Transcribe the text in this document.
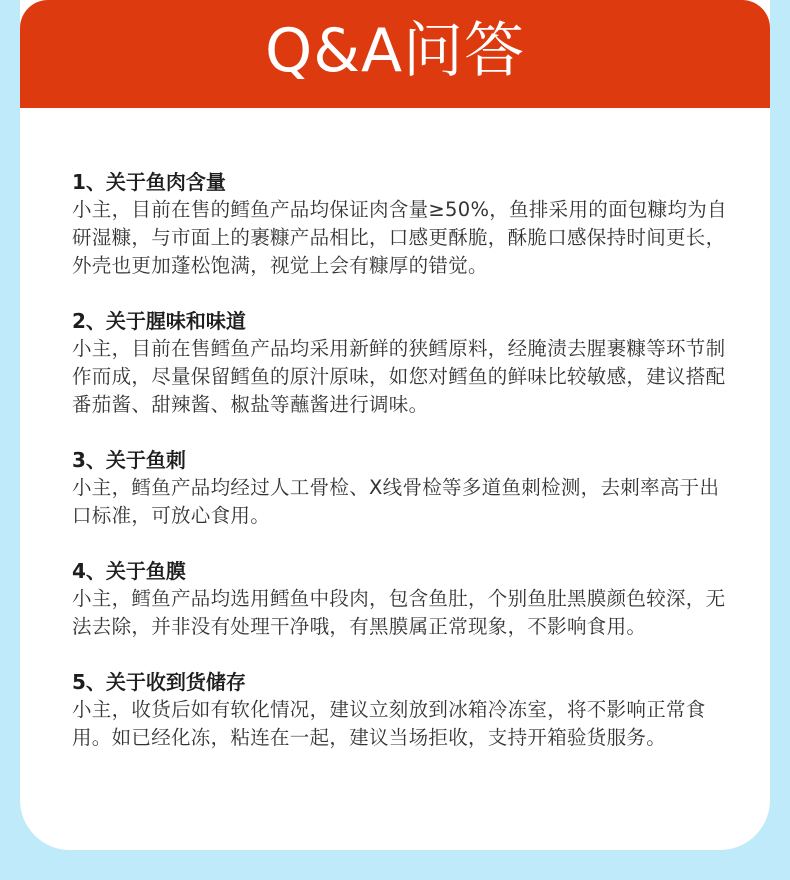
Q&A问答

1、关于鱼肉含量

小主，目前在售的鳕鱼产品均保证肉含量≥50%，鱼排采用的面包糠均为自研湿糠，与市面上的裹糠产品相比，口感更酥脆，酥脆口感保持时间更长，外壳也更加蓬松饱满，视觉上会有糠厚的错觉。

2、关于腥味和味道

小主，目前在售鳕鱼产品均采用新鲜的狭鳕原料，经腌渍去腥裹糠等环节制作而成，尽量保留鳕鱼的原汁原味，如您对鳕鱼的鲜味比较敏感，建议搭配番茄酱、甜辣酱、椒盐等蘸酱进行调味。

3、关于鱼刺

小主，鳕鱼产品均经过人工骨检、X线骨检等多道鱼刺检测，去刺率高于出口标准，可放心食用。

4、关于鱼膜

小主，鳕鱼产品均选用鳕鱼中段肉，包含鱼肚，个别鱼肚黑膜颜色较深，无法去除，并非没有处理干净哦，有黑膜属正常现象，不影响食用。

5、关于收到货储存

小主，收货后如有软化情况，建议立刻放到冰箱冷冻室，将不影响正常食用。如已经化冻，粘连在一起，建议当场拒收，支持开箱验货服务。
